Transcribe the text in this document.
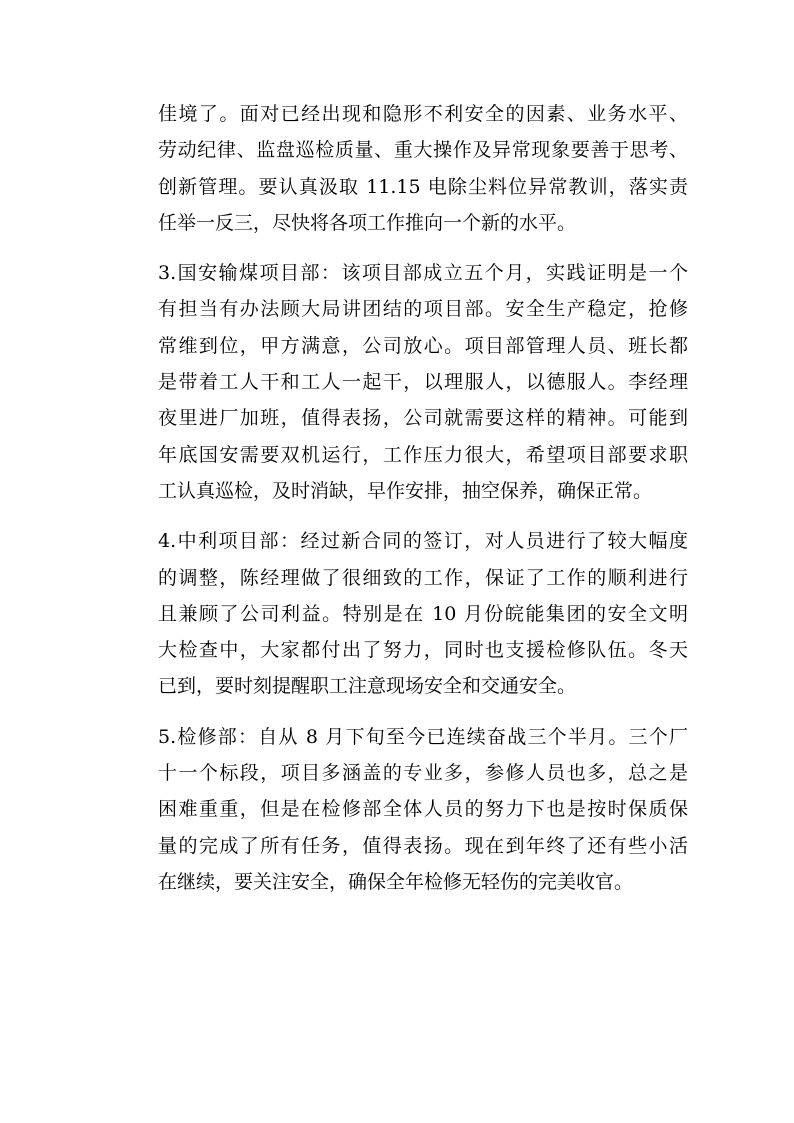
佳境了。面对已经出现和隐形不利安全的因素、业务水平、
劳动纪律、监盘巡检质量、重大操作及异常现象要善于思考、
创新管理。要认真汲取 11.15 电除尘料位异常教训，落实责
任举一反三，尽快将各项工作推向一个新的水平。

3.国安输煤项目部：该项目部成立五个月，实践证明是一个
有担当有办法顾大局讲团结的项目部。安全生产稳定，抢修
常维到位，甲方满意，公司放心。项目部管理人员、班长都
是带着工人干和工人一起干，以理服人，以德服人。李经理
夜里进厂加班，值得表扬，公司就需要这样的精神。可能到
年底国安需要双机运行，工作压力很大，希望项目部要求职
工认真巡检，及时消缺，早作安排，抽空保养，确保正常。

4.中利项目部：经过新合同的签订，对人员进行了较大幅度
的调整，陈经理做了很细致的工作，保证了工作的顺利进行
且兼顾了公司利益。特别是在 10 月份皖能集团的安全文明
大检查中，大家都付出了努力，同时也支援检修队伍。冬天
已到，要时刻提醒职工注意现场安全和交通安全。

5.检修部：自从 8 月下旬至今已连续奋战三个半月。三个厂
十一个标段，项目多涵盖的专业多，参修人员也多，总之是
困难重重，但是在检修部全体人员的努力下也是按时保质保
量的完成了所有任务，值得表扬。现在到年终了还有些小活
在继续，要关注安全，确保全年检修无轻伤的完美收官。
